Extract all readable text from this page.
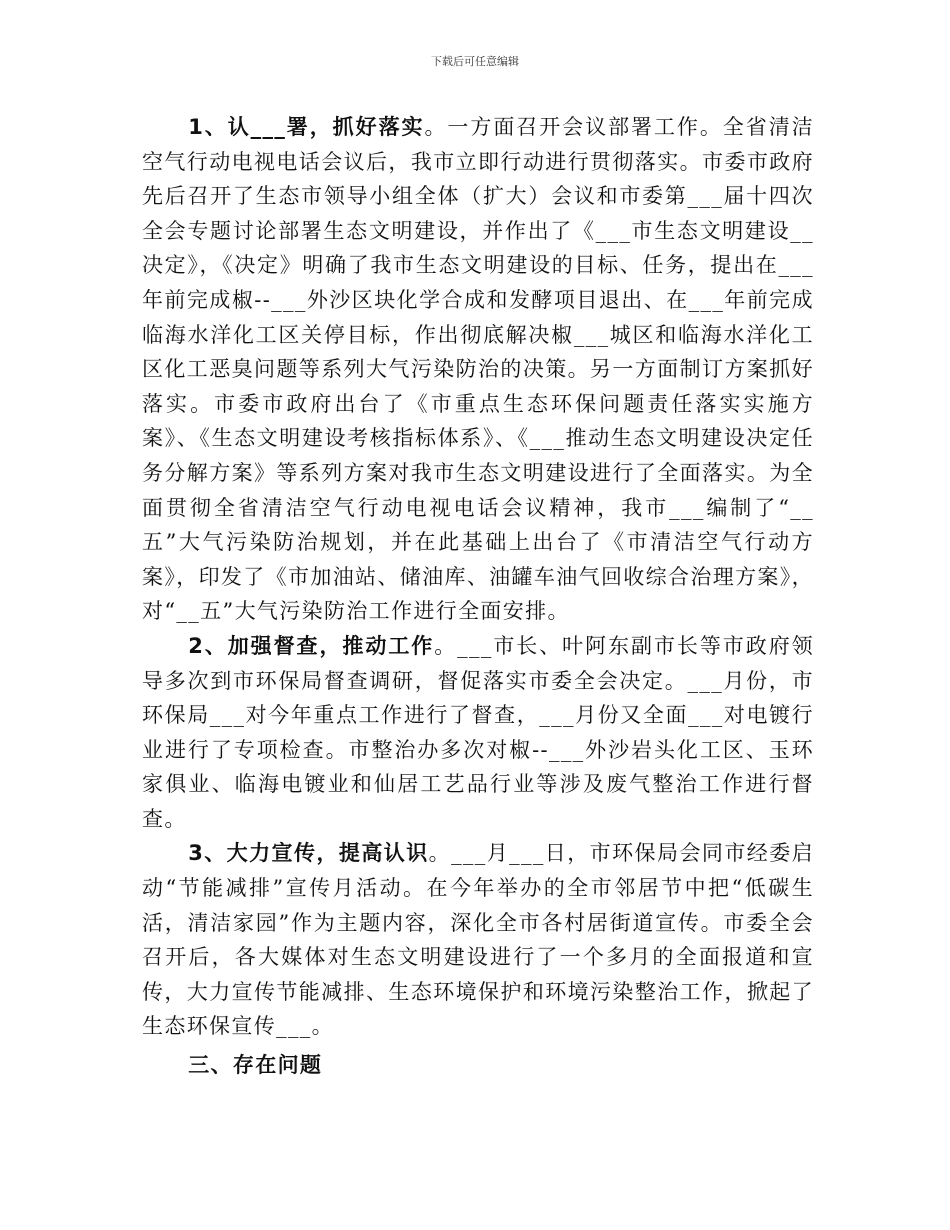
下载后可任意编辑

1、认___署，抓好落实。一方面召开会议部署工作。全省清洁空气行动电视电话会议后，我市立即行动进行贯彻落实。市委市政府先后召开了生态市领导小组全体（扩大）会议和市委第___届十四次全会专题讨论部署生态文明建设，并作出了《___市生态文明建设__决定》，《决定》明确了我市生态文明建设的目标、任务，提出在___年前完成椒--___外沙区块化学合成和发酵项目退出、在___年前完成临海水洋化工区关停目标，作出彻底解决椒___城区和临海水洋化工区化工恶臭问题等系列大气污染防治的决策。另一方面制订方案抓好落实。市委市政府出台了《市重点生态环保问题责任落实实施方案》、《生态文明建设考核指标体系》、《___推动生态文明建设决定任务分解方案》等系列方案对我市生态文明建设进行了全面落实。为全面贯彻全省清洁空气行动电视电话会议精神，我市___编制了“__五”大气污染防治规划，并在此基础上出台了《市清洁空气行动方案》，印发了《市加油站、储油库、油罐车油气回收综合治理方案》，对“__五”大气污染防治工作进行全面安排。

2、加强督查，推动工作。___市长、叶阿东副市长等市政府领导多次到市环保局督查调研，督促落实市委全会决定。___月份，市环保局___对今年重点工作进行了督查，___月份又全面___对电镀行业进行了专项检查。市整治办多次对椒--___外沙岩头化工区、玉环家俱业、临海电镀业和仙居工艺品行业等涉及废气整治工作进行督查。

3、大力宣传，提高认识。___月___日，市环保局会同市经委启动“节能减排”宣传月活动。在今年举办的全市邻居节中把“低碳生活，清洁家园”作为主题内容，深化全市各村居街道宣传。市委全会召开后，各大媒体对生态文明建设进行了一个多月的全面报道和宣传，大力宣传节能减排、生态环境保护和环境污染整治工作，掀起了生态环保宣传___。

三、存在问题
